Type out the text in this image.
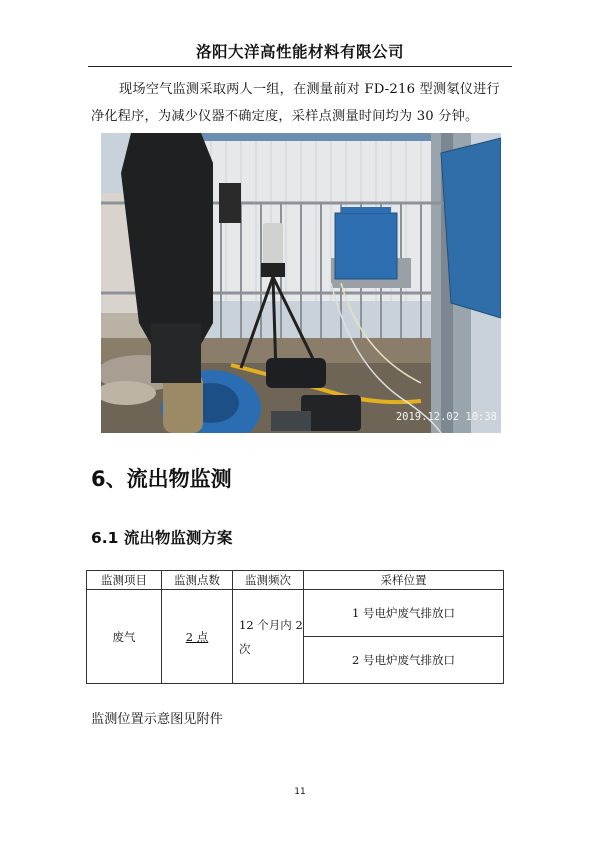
洛阳大洋高性能材料有限公司
现场空气监测采取两人一组，在测量前对 FD-216 型测氡仪进行净化程序，为减少仪器不确定度，采样点测量时间均为 30 分钟。
2019.12.02 10:38
6、流出物监测
6.1 流出物监测方案
监测项目	监测点数	监测频次	采样位置
废气	2 点	12 个月内 2 次	1 号电炉废气排放口
			2 号电炉废气排放口

监测位置示意图见附件

11
